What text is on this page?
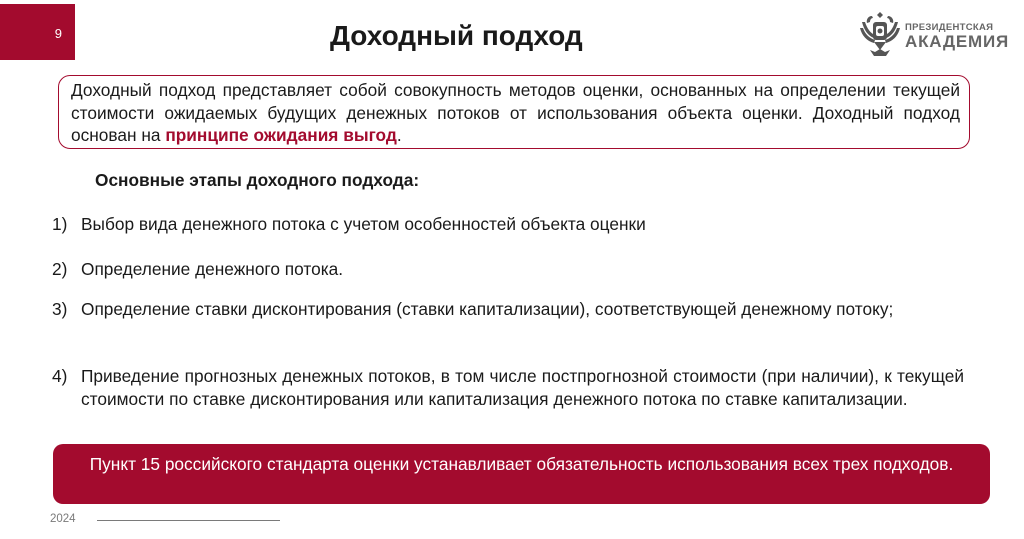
9	Доходный подход	ПРЕЗИДЕНТСКАЯ
АКАДЕМИЯ
Доходный подход представляет собой совокупность методов оценки, основанных на определении текущей стоимости ожидаемых будущих денежных потоков от использования объекта оценки. Доходный подход основан на принципе ожидания выгод.
Основные этапы доходного подхода:
1) Выбор вида денежного потока с учетом особенностей объекта оценки
2) Определение денежного потока.
3) Определение ставки дисконтирования (ставки капитализации), соответствующей денежному потоку;
4) Приведение прогнозных денежных потоков, в том числе постпрогнозной стоимости (при наличии), к текущей стоимости по ставке дисконтирования или капитализация денежного потока по ставке капитализации.
Пункт 15 российского стандарта оценки устанавливает обязательность использования всех трех подходов.
2024
